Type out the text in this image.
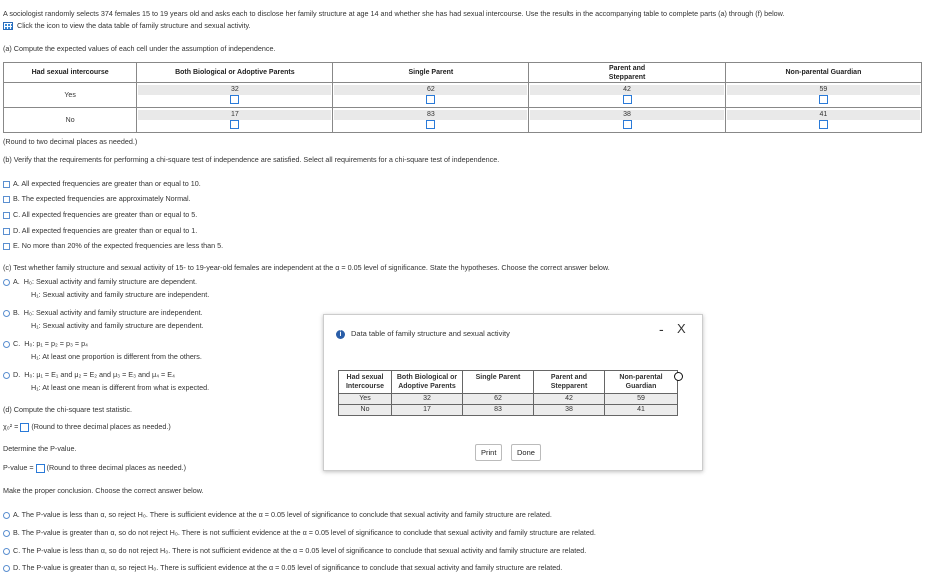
A sociologist randomly selects 374 females 15 to 19 years old and asks each to disclose her family structure at age 14 and whether she has had sexual intercourse. Use the results in the accompanying table to complete parts (a) through (f) below.
Click the icon to view the data table of family structure and sexual activity.
(a) Compute the expected values of each cell under the assumption of independence.
Had sexual intercourse	Both Biological or Adoptive Parents	Single Parent	Parent and Stepparent	Non-parental Guardian
Yes	32	62	42	59

No	17	83	38	41
(Round to two decimal places as needed.)
(b) Verify that the requirements for performing a chi-square test of independence are satisfied. Select all requirements for a chi-square test of independence.
A. All expected frequencies are greater than or equal to 10.
B. The expected frequencies are approximately Normal.
C. All expected frequencies are greater than or equal to 5.
D. All expected frequencies are greater than or equal to 1.
E. No more than 20% of the expected frequencies are less than 5.
(c) Test whether family structure and sexual activity of 15- to 19-year-old females are independent at the α = 0.05 level of significance. State the hypotheses. Choose the correct answer below.
A. H₀: Sexual activity and family structure are dependent.
H₁: Sexual activity and family structure are independent.
B. H₀: Sexual activity and family structure are independent.
H₁: Sexual activity and family structure are dependent.
C. H₀: p₁ = p₂ = p₃ = p₄
H₁: At least one proportion is different from the others.
D. H₀: μ₁ = E₁ and μ₂ = E₂ and μ₃ = E₃ and μ₄ = E₄
H₁: At least one mean is different from what is expected.
(d) Compute the chi-square test statistic.
χ₀² = (Round to three decimal places as needed.)
Determine the P-value.
P-value = (Round to three decimal places as needed.)
Make the proper conclusion. Choose the correct answer below.
A. The P-value is less than α, so reject H₀. There is sufficient evidence at the α = 0.05 level of significance to conclude that sexual activity and family structure are related.
B. The P-value is greater than α, so do not reject H₀. There is not sufficient evidence at the α = 0.05 level of significance to conclude that sexual activity and family structure are related.
C. The P-value is less than α, so do not reject H₀. There is not sufficient evidence at the α = 0.05 level of significance to conclude that sexual activity and family structure are related.
D. The P-value is greater than α, so reject H₀. There is sufficient evidence at the α = 0.05 level of significance to conclude that sexual activity and family structure are related.
i Data table of family structure and sexual activity	- X
Had sexual Intercourse	Both Biological or Adoptive Parents	Single Parent	Parent and Stepparent	Non-parental Guardian

Yes	32	62	42	59
No	17	83	38	41
Print	Done
